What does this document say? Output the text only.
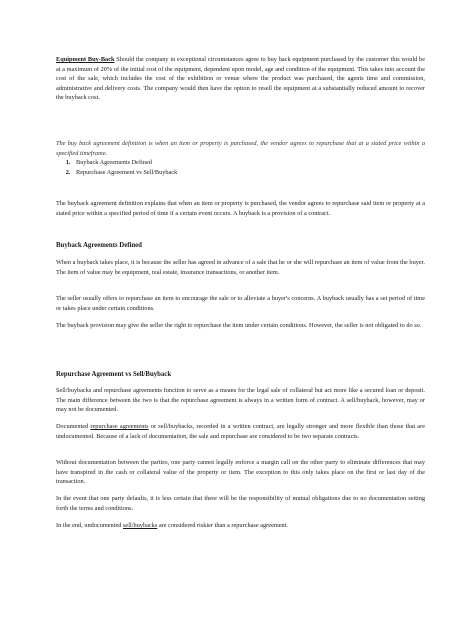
Equipment Buy-Back Should the company in exceptional circumstances agree to buy back equipment purchased by the customer this would be at a maximum of 20% of the initial cost of the equipment, dependent upon model, age and condition of the equipment. This takes into account the cost of the sale, which includes the cost of the exhibition or venue where the product was purchased, the agents time and commission, administrative and delivery costs. The company would then have the option to resell the equipment at a substantially reduced amount to recover the buyback cost.

The buy back agreement definition is when an item or property is purchased, the vendor agrees to repurchase that at a stated price within a specified timeframe.

1. Buyback Agreements Defined
2. Repurchase Agreement vs Sell/Buyback

The buyback agreement definition explains that when an item or property is purchased, the vendor agrees to repurchase said item or property at a stated price within a specified period of time if a certain event occurs. A buyback is a provision of a contract.

Buyback Agreements Defined

When a buyback takes place, it is because the seller has agreed in advance of a sale that he or she will repurchase an item of value from the buyer. The item of value may be equipment, real estate, insurance transactions, or another item.

The seller usually offers to repurchase an item to encourage the sale or to alleviate a buyer's concerns. A buyback usually has a set period of time or takes place under certain conditions.

The buyback provision may give the seller the right to repurchase the item under certain conditions. However, the seller is not obligated to do so.

Repurchase Agreement vs Sell/Buyback

Sell/buybacks and repurchase agreements function to serve as a means for the legal sale of collateral but act more like a secured loan or deposit. The main difference between the two is that the repurchase agreement is always in a written form of contract. A sell/buyback, however, may or may not be documented.

Documented repurchase agreements or sell/buybacks, recorded in a written contract, are legally stronger and more flexible than those that are undocumented. Because of a lack of documentation, the sale and repurchase are considered to be two separate contracts.

Without documentation between the parties, one party cannot legally enforce a margin call on the other party to eliminate differences that may have transpired in the cash or collateral value of the property or item. The exception to this only takes place on the first or last day of the transaction.

In the event that one party defaults, it is less certain that there will be the responsibility of mutual obligations due to no documentation setting forth the terms and conditions.

In the end, undocumented sell/buybacks are considered riskier than a repurchase agreement.
